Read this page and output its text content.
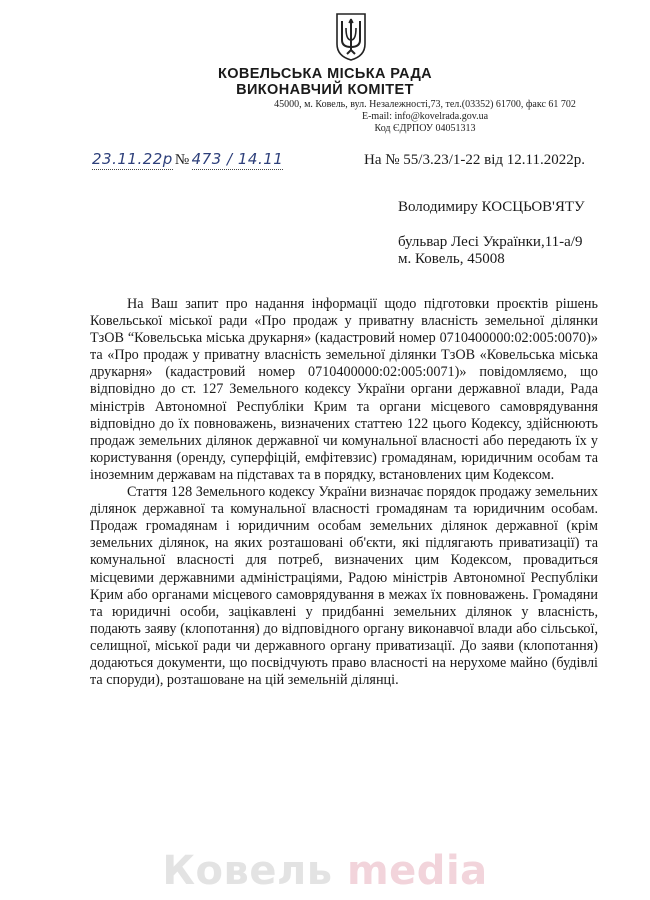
КОВЕЛЬСЬКА МІСЬКА РАДА
ВИКОНАВЧИЙ КОМІТЕТ
45000, м. Ковель, вул. Незалежності,73, тел.(03352) 61700, факс 61 702
E-mail: info@kovelrada.gov.ua
Код ЄДРПОУ 04051313
23.11.22р № 473 / 14.11	На № 55/3.23/1-22 від 12.11.2022р.
Володимиру КОСЦЬОВ'ЯТУ
бульвар Лесі Українки,11-а/9
м. Ковель, 45008

На Ваш запит про надання інформації щодо підготовки проєктів рішень Ковельської міської ради «Про продаж у приватну власність земельної ділянки ТзОВ “Ковельська міська друкарня» (кадастровий номер 0710400000:02:005:0070)» та «Про продаж у приватну власність земельної ділянки ТзОВ «Ковельська міська друкарня» (кадастровий номер 0710400000:02:005:0071)» повідомляємо, що відповідно до ст. 127 Земельного кодексу України органи державної влади, Рада міністрів Автономної Республіки Крим та органи місцевого самоврядування відповідно до їх повноважень, визначених статтею 122 цього Кодексу, здійснюють продаж земельних ділянок державної чи комунальної власності або передають їх у користування (оренду, суперфіцій, емфітевзис) громадянам, юридичним особам та іноземним державам на підставах та в порядку, встановлених цим Кодексом.

Стаття 128 Земельного кодексу України визначає порядок продажу земельних ділянок державної та комунальної власності громадянам та юридичним особам. Продаж громадянам і юридичним особам земельних ділянок державної (крім земельних ділянок, на яких розташовані об'єкти, які підлягають приватизації) та комунальної власності для потреб, визначених цим Кодексом, провадиться місцевими державними адміністраціями, Радою міністрів Автономної Республіки Крим або органами місцевого самоврядування в межах їх повноважень. Громадяни та юридичні особи, зацікавлені у придбанні земельних ділянок у власність, подають заяву (клопотання) до відповідного органу виконавчої влади або сільської, селищної, міської ради чи державного органу приватизації. До заяви (клопотання) додаються документи, що посвідчують право власності на нерухоме майно (будівлі та споруди), розташоване на цій земельній ділянці.

Ковель media
